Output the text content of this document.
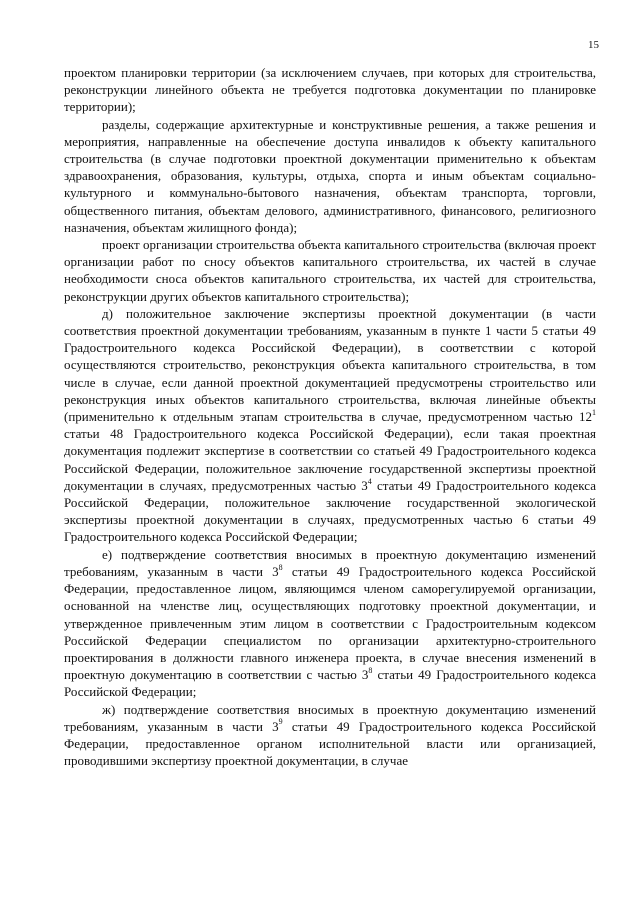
15

проектом планировки территории (за исключением случаев, при которых для строительства, реконструкции линейного объекта не требуется подготовка документации по планировке территории);

разделы, содержащие архитектурные и конструктивные решения, а также решения и мероприятия, направленные на обеспечение доступа инвалидов к объекту капитального строительства (в случае подготовки проектной документации применительно к объектам здравоохранения, образования, культуры, отдыха, спорта и иным объектам социально-культурного и коммунально-бытового назначения, объектам транспорта, торговли, общественного питания, объектам делового, административного, финансового, религиозного назначения, объектам жилищного фонда);

проект организации строительства объекта капитального строительства (включая проект организации работ по сносу объектов капитального строительства, их частей в случае необходимости сноса объектов капитального строительства, их частей для строительства, реконструкции других объектов капитального строительства);

д) положительное заключение экспертизы проектной документации (в части соответствия проектной документации требованиям, указанным в пункте 1 части 5 статьи 49 Градостроительного кодекса Российской Федерации), в соответствии с которой осуществляются строительство, реконструкция объекта капитального строительства, в том числе в случае, если данной проектной документацией предусмотрены строительство или реконструкция иных объектов капитального строительства, включая линейные объекты (применительно к отдельным этапам строительства в случае, предусмотренном частью $12^1$ статьи 48 Градостроительного кодекса Российской Федерации), если такая проектная документация подлежит экспертизе в соответствии со статьей 49 Градостроительного кодекса Российской Федерации, положительное заключение государственной экспертизы проектной документации в случаях, предусмотренных частью $3^4$ статьи 49 Градостроительного кодекса Российской Федерации, положительное заключение государственной экологической экспертизы проектной документации в случаях, предусмотренных частью 6 статьи 49 Градостроительного кодекса Российской Федерации;

е) подтверждение соответствия вносимых в проектную документацию изменений требованиям, указанным в части $3^8$ статьи 49 Градостроительного кодекса Российской Федерации, предоставленное лицом, являющимся членом саморегулируемой организации, основанной на членстве лиц, осуществляющих подготовку проектной документации, и утвержденное привлеченным этим лицом в соответствии с Градостроительным кодексом Российской Федерации специалистом по организации архитектурно-строительного проектирования в должности главного инженера проекта, в случае внесения изменений в проектную документацию в соответствии с частью $3^8$ статьи 49 Градостроительного кодекса Российской Федерации;

ж) подтверждение соответствия вносимых в проектную документацию изменений требованиям, указанным в части $3^9$ статьи 49 Градостроительного кодекса Российской Федерации, предоставленное органом исполнительной власти или организацией, проводившими экспертизу проектной документации, в случае
